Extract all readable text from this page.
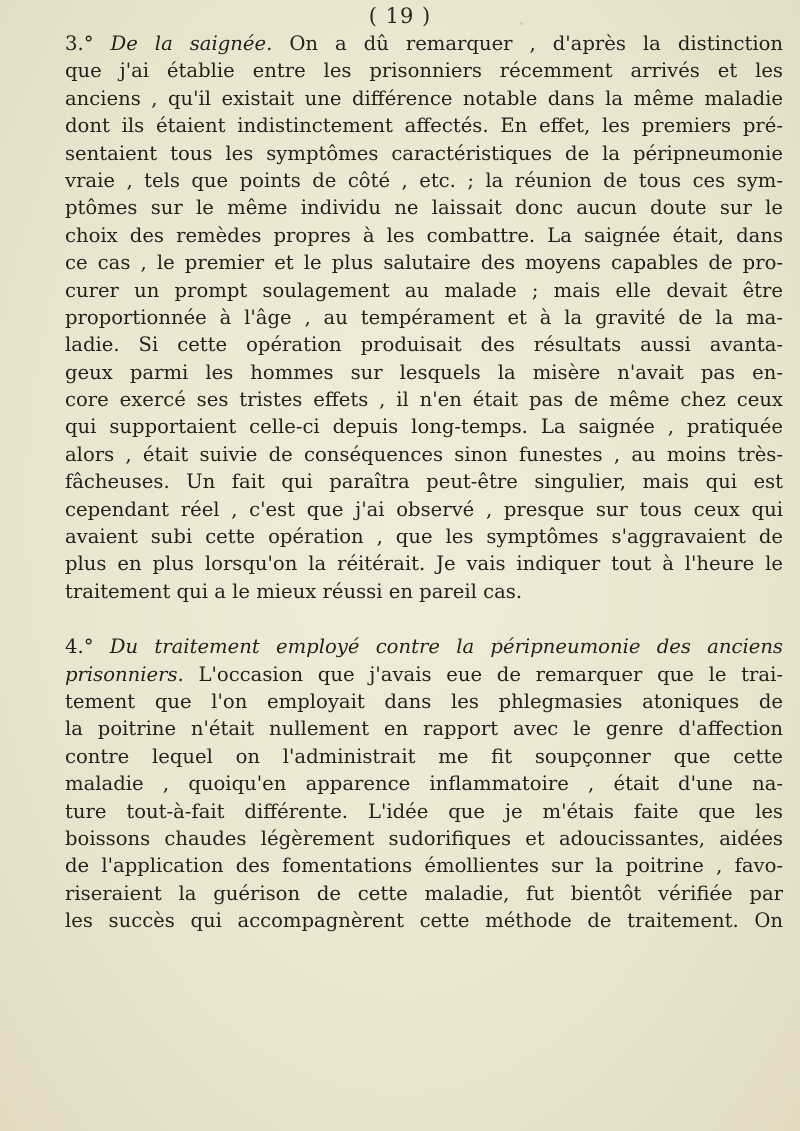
( 19 )
3.° De la saignée. On a dû remarquer , d'après la distinction
que j'ai établie entre les prisonniers récemment arrivés et les
anciens , qu'il existait une différence notable dans la même maladie
dont ils étaient indistinctement affectés. En effet, les premiers pré-
sentaient tous les symptômes caractéristiques de la péripneumonie
vraie , tels que points de côté , etc. ; la réunion de tous ces sym-
ptômes sur le même individu ne laissait donc aucun doute sur le
choix des remèdes propres à les combattre. La saignée était, dans
ce cas , le premier et le plus salutaire des moyens capables de pro-
curer un prompt soulagement au malade ; mais elle devait être
proportionnée à l'âge , au tempérament et à la gravité de la ma-
ladie. Si cette opération produisait des résultats aussi avanta-
geux parmi les hommes sur lesquels la misère n'avait pas en-
core exercé ses tristes effets , il n'en était pas de même chez ceux
qui supportaient celle-ci depuis long-temps. La saignée , pratiquée
alors , était suivie de conséquences sinon funestes , au moins très-
fâcheuses. Un fait qui paraîtra peut-être singulier, mais qui est
cependant réel , c'est que j'ai observé , presque sur tous ceux qui
avaient subi cette opération , que les symptômes s'aggravaient de
plus en plus lorsqu'on la réitérait. Je vais indiquer tout à l'heure le
traitement qui a le mieux réussi en pareil cas.
4.° Du traitement employé contre la péripneumonie des anciens
prisonniers. L'occasion que j'avais eue de remarquer que le trai-
tement que l'on employait dans les phlegmasies atoniques de
la poitrine n'était nullement en rapport avec le genre d'affection
contre lequel on l'administrait me fit soupçonner que cette
maladie , quoiqu'en apparence inflammatoire , était d'une na-
ture tout-à-fait différente. L'idée que je m'étais faite que les
boissons chaudes légèrement sudorifiques et adoucissantes, aidées
de l'application des fomentations émollientes sur la poitrine , favo-
riseraient la guérison de cette maladie, fut bientôt vérifiée par
les succès qui accompagnèrent cette méthode de traitement. On
